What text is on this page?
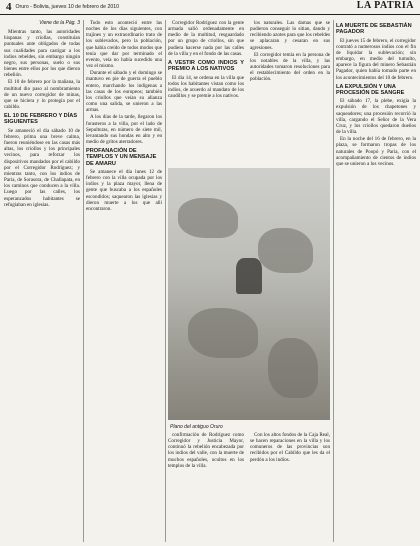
4 Oruro - Bolivia, jueves 10 de febrero de 2010	LA PATRIA
Viene de la Pág. 3

Mientras tanto, las autoridades hispanas y criollas, constituían puntuales ante obligados de todas sus cualidades para castigar a los indios rebeldes, sin embargo ningún negro, sus personas, suelo o sus bienes entre ellos por los que dieron rebelión.

El 10 de febrero por la mañana, la multitud dio paso al nombramiento de un nuevo corregidor de minas, que se hiciera y lo protegía por el cabildo.

EL 10 DE FEBRERO Y DÍAS SIGUIENTES

Se amaneció el día sábado 10 de febrero, prima una breve calma, fueron reuniéndose en las casas más altas, los criollos y los principales vecinos, para reforzar los dispositivos mandados por el cabildo por el Corregidor Rodríguez; y mientras tanto, con los indios de Paria, de Sorasora, de Challapata, en los caminos que conducen a la villa. Luego por las calles, los esperanzados habitantes se refugiaban en iglesias.

Todo esto aconteció entre las noches de los días siguientes, con trajines y un extraordinario trato de los sublevados, pero la población, que había creído de todos modos que tenía que dar por terminado el evento, veía no había sucedido una vez el mismo.

Durante el sábado y el domingo se mantuvo en pie de guerra el pueblo entero, marchando los indígenas a las casas de los europeos; también los criollos que veían su alianza como una salida, se unieron a las armas.

A los días de la tarde, llegaron los forasteros a la villa, por el lado de Sepulturas, en número de siete mil, levantando sus hondas en alto y en medio de gritos aterradores.

PROFANACIÓN DE TEMPLOS Y UN MENSAJE DE AMARU

Se amanece el día lunes 12 de febrero con la villa ocupada por los indios y la plaza mayor, llena de gente que buscaba a los españoles escondidos; saquearon las iglesias y dieron muerte a los que allí encontraron.

Corregidor Rodríguez con la gente armada salió ordenadamente en medio de la multitud, resguardado por un grupo de criollos, sin que pudiera hacerse nada por las calles de la villa y en el fondo de las casas.

A VESTIR COMO INDIOS Y PREMIO A LOS NATIVOS

El día 14, se ordena en la villa que todos los habitantes vistan como los indios, de acuerdo al mandato de los caudillos y se premie a los nativos.

los naturales. Las damas que se pudieron conseguir lo sitian, dando y recibiendo azotes para que los rebeldes se aplacaran y cesaran en sus agresiones.

El corregidor temía en la persona de los notables de la villa, y las autoridades tomaron resoluciones para el restablecimiento del orden en la población.

Plano del antiguo Oruro

confirmación de Rodríguez como Corregidor y Justicia Mayor, continuó la rebelión encabezada por los indios del valle, con la muerte de muchos españoles, ocultos en los templos de la villa.

Con los altos fondos de la Caja Real, se hacen reparaciones en la villa y los comuneros de las provincias son recibidos por el Cabildo que les da el perdón a los indios.

LA MUERTE DE SEBASTIÁN PAGADOR

El jueves 15 de febrero, el corregidor contrató a numerosos indios con el fin de liquidar la sublevación; sin embargo, en medio del tumulto, aparece la figura del minero Sebastián Pagador, quien había tomado parte en los acontecimientos del 10 de febrero.

LA EXPULSIÓN Y UNA PROCESIÓN DE SANGRE

El sábado 17, la plebe, exigía la expulsión de los chapetones y saqueadores; una procesión recorrió la villa, cargando el Señor de la Vera Cruz, y los criollos quedaron dueños de la villa.

En la noche del 16 de febrero, en la plaza, se formaron tropas de los naturales de Poopó y Paria, con el acompañamiento de cientos de indios que se unieron a los vecinos.
